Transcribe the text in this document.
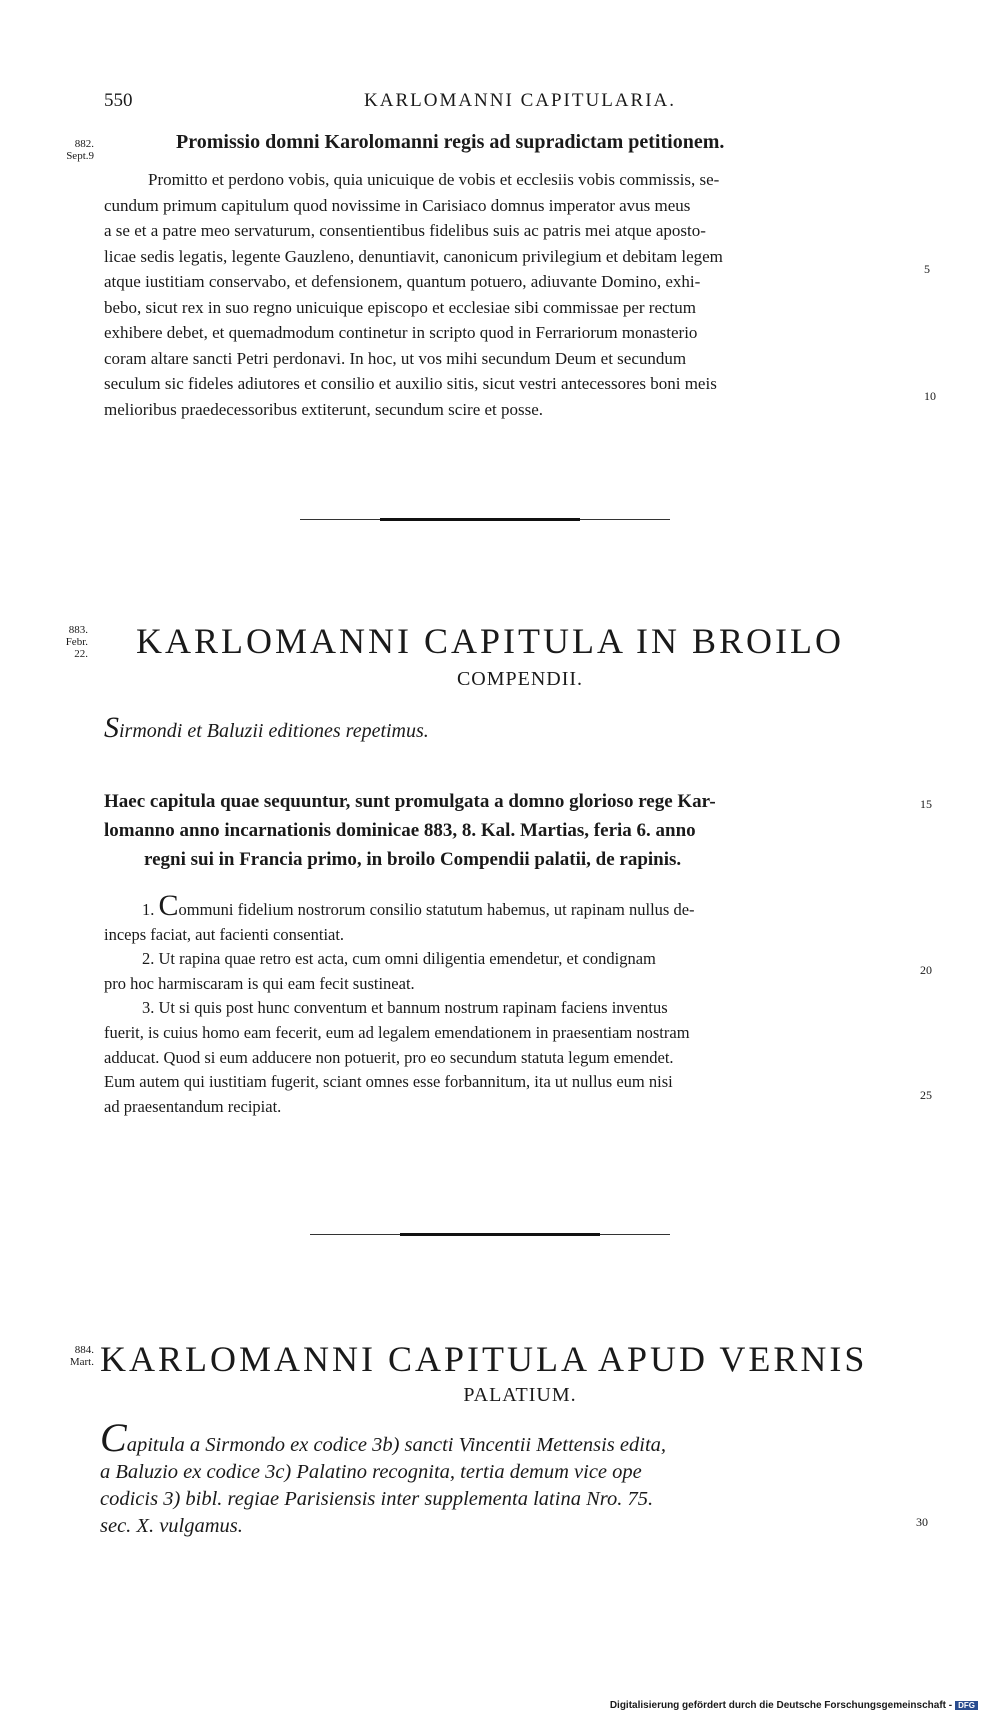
550	KARLOMANNI CAPITULARIA.
882.
Sept.9
Promissio domni Karolomanni regis ad supradictam petitionem.

Promitto et perdono vobis, quia unicuique de vobis et ecclesiis vobis commissis, se-

cundum primum capitulum quod novissime in Carisiaco domnus imperator avus meus

a se et a patre meo servaturum, consentientibus fidelibus suis ac patris mei atque aposto-

licae sedis legatis, legente Gauzleno, denuntiavit, canonicum privilegium et debitam legem

atque iustitiam conservabo, et defensionem, quantum potuero, adiuvante Domino, exhi-

bebo, sicut rex in suo regno unicuique episcopo et ecclesiae sibi commissae per rectum

exhibere debet, et quemadmodum continetur in scripto quod in Ferrariorum monasterio

coram altare sancti Petri perdonavi. In hoc, ut vos mihi secundum Deum et secundum

seculum sic fideles adiutores et consilio et auxilio sitis, sicut vestri antecessores boni meis

melioribus praedecessoribus extiterunt, secundum scire et posse.

5
10
883.
Febr.
22. KARLOMANNI CAPITULA IN BROILO
COMPENDII.
Sirmondi et Baluzii editiones repetimus.
Haec capitula quae sequuntur, sunt promulgata a domno glorioso rege Kar-
lomanno anno incarnationis dominicae 883, 8. Kal. Martias, feria 6. anno
regni sui in Francia primo, in broilo Compendii palatii, de rapinis.
15

1. Communi fidelium nostrorum consilio statutum habemus, ut rapinam nullus de-

inceps faciat, aut facienti consentiat.

2. Ut rapina quae retro est acta, cum omni diligentia emendetur, et condignam

pro hoc harmiscaram is qui eam fecit sustineat.

3. Ut si quis post hunc conventum et bannum nostrum rapinam faciens inventus

fuerit, is cuius homo eam fecerit, eum ad legalem emendationem in praesentiam nostram

adducat. Quod si eum adducere non potuerit, pro eo secundum statuta legum emendet.

Eum autem qui iustitiam fugerit, sciant omnes esse forbannitum, ita ut nullus eum nisi

ad praesentandum recipiat.

20
25
884.
Mart. KARLOMANNI CAPITULA APUD VERNIS
PALATIUM.
Capitula a Sirmondo ex codice 3b) sancti Vincentii Mettensis edita,
a Baluzio ex codice 3c) Palatino recognita, tertia demum vice ope
codicis 3) bibl. regiae Parisiensis inter supplementa latina Nro. 75.
sec. X. vulgamus.	30
Digitalisierung gefördert durch die Deutsche Forschungsgemeinschaft - DFG
